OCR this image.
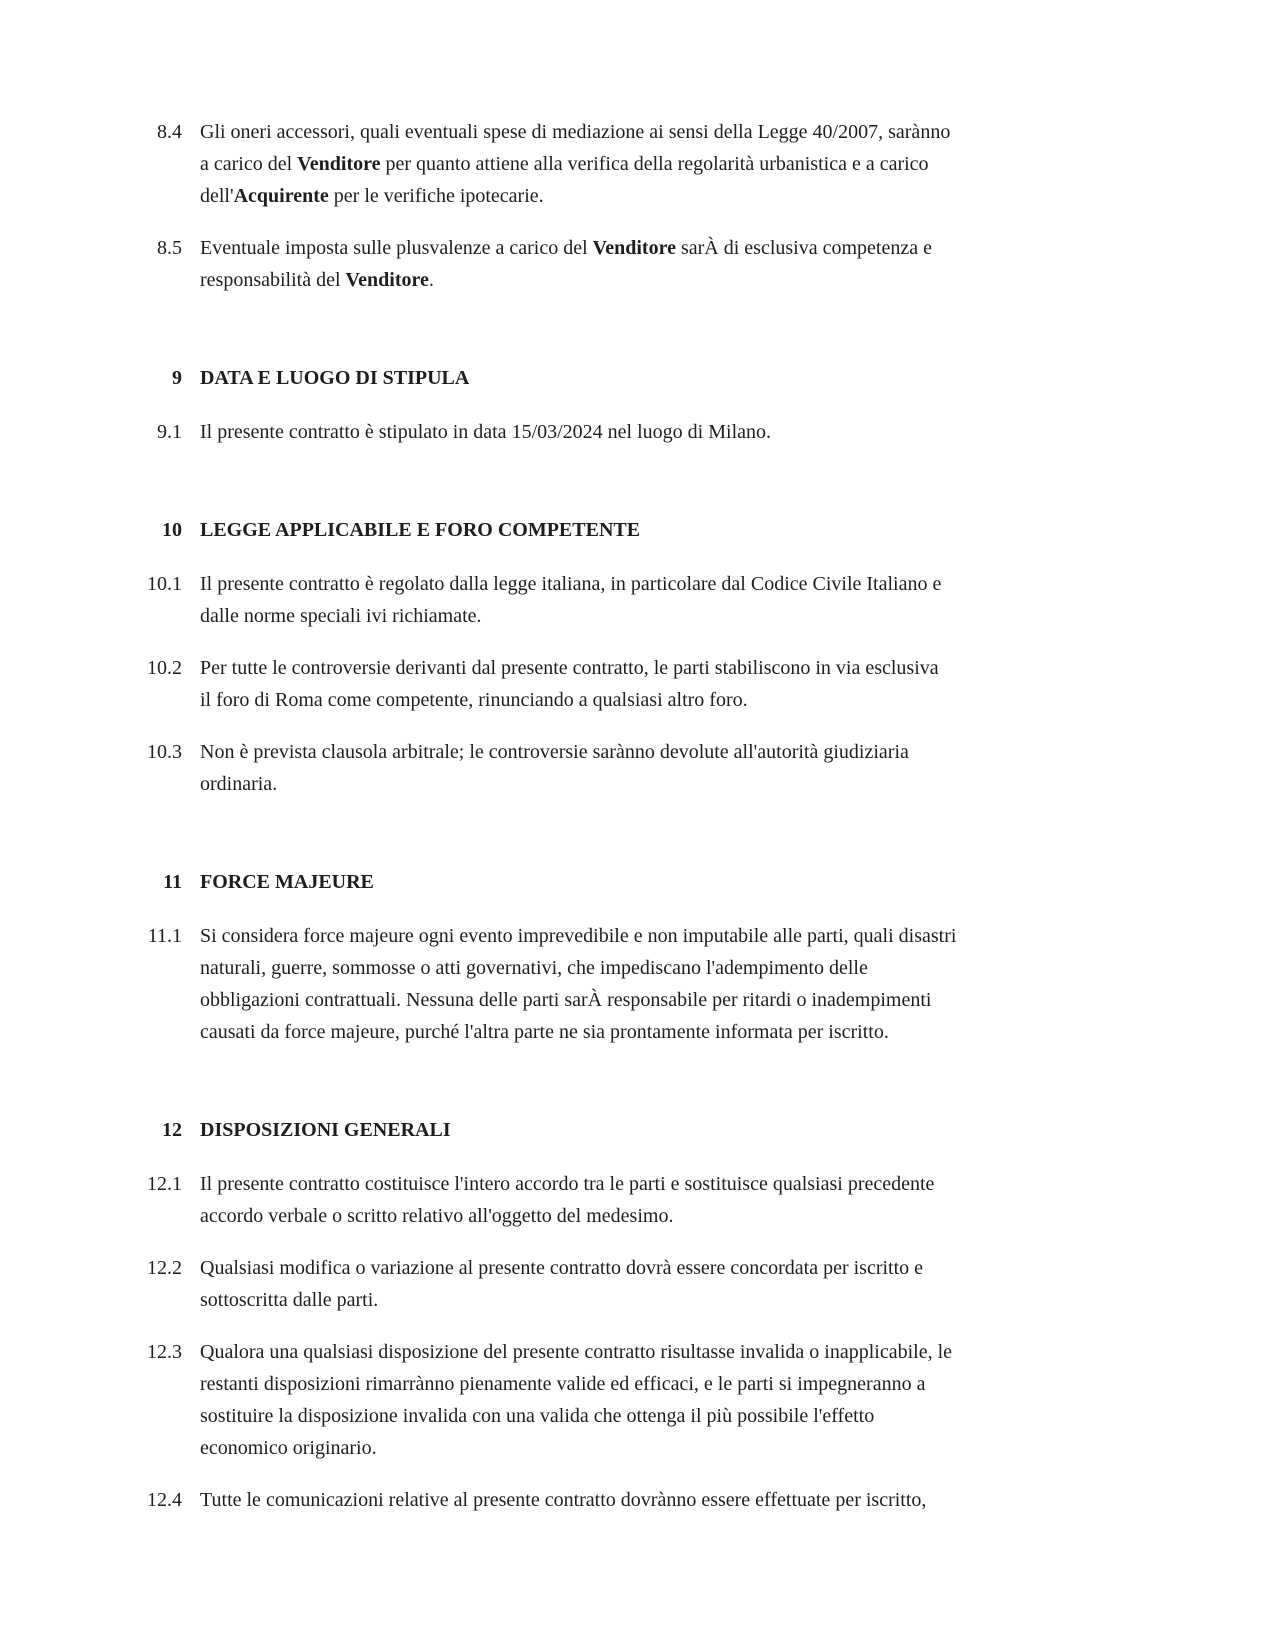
8.4 Gli oneri accessori, quali eventuali spese di mediazione ai sensi della Legge 40/2007, sarànno

a carico del Venditore per quanto attiene alla verifica della regolarità urbanistica e a carico

dell'Acquirente per le verifiche ipotecarie.

8.5 Eventuale imposta sulle plusvalenze a carico del Venditore sarÀ di esclusiva competenza e

responsabilità del Venditore.

9 DATA E LUOGO DI STIPULA
9.1 Il presente contratto è stipulato in data 15/03/2024 nel luogo di Milano.

10 LEGGE APPLICABILE E FORO COMPETENTE
10.1 Il presente contratto è regolato dalla legge italiana, in particolare dal Codice Civile Italiano e

dalle norme speciali ivi richiamate.

10.2 Per tutte le controversie derivanti dal presente contratto, le parti stabiliscono in via esclusiva

il foro di Roma come competente, rinunciando a qualsiasi altro foro.

10.3 Non è prevista clausola arbitrale; le controversie sarànno devolute all'autorità giudiziaria

ordinaria.

11 FORCE MAJEURE
11.1 Si considera force majeure ogni evento imprevedibile e non imputabile alle parti, quali disastri

naturali, guerre, sommosse o atti governativi, che impediscano l'adempimento delle

obbligazioni contrattuali. Nessuna delle parti sarÀ responsabile per ritardi o inadempimenti

causati da force majeure, purché l'altra parte ne sia prontamente informata per iscritto.

12 DISPOSIZIONI GENERALI
12.1 Il presente contratto costituisce l'intero accordo tra le parti e sostituisce qualsiasi precedente

accordo verbale o scritto relativo all'oggetto del medesimo.

12.2 Qualsiasi modifica o variazione al presente contratto dovrà essere concordata per iscritto e

sottoscritta dalle parti.

12.3 Qualora una qualsiasi disposizione del presente contratto risultasse invalida o inapplicabile, le

restanti disposizioni rimarrànno pienamente valide ed efficaci, e le parti si impegneranno a

sostituire la disposizione invalida con una valida che ottenga il più possibile l'effetto

economico originario.

12.4 Tutte le comunicazioni relative al presente contratto dovrànno essere effettuate per iscritto,
